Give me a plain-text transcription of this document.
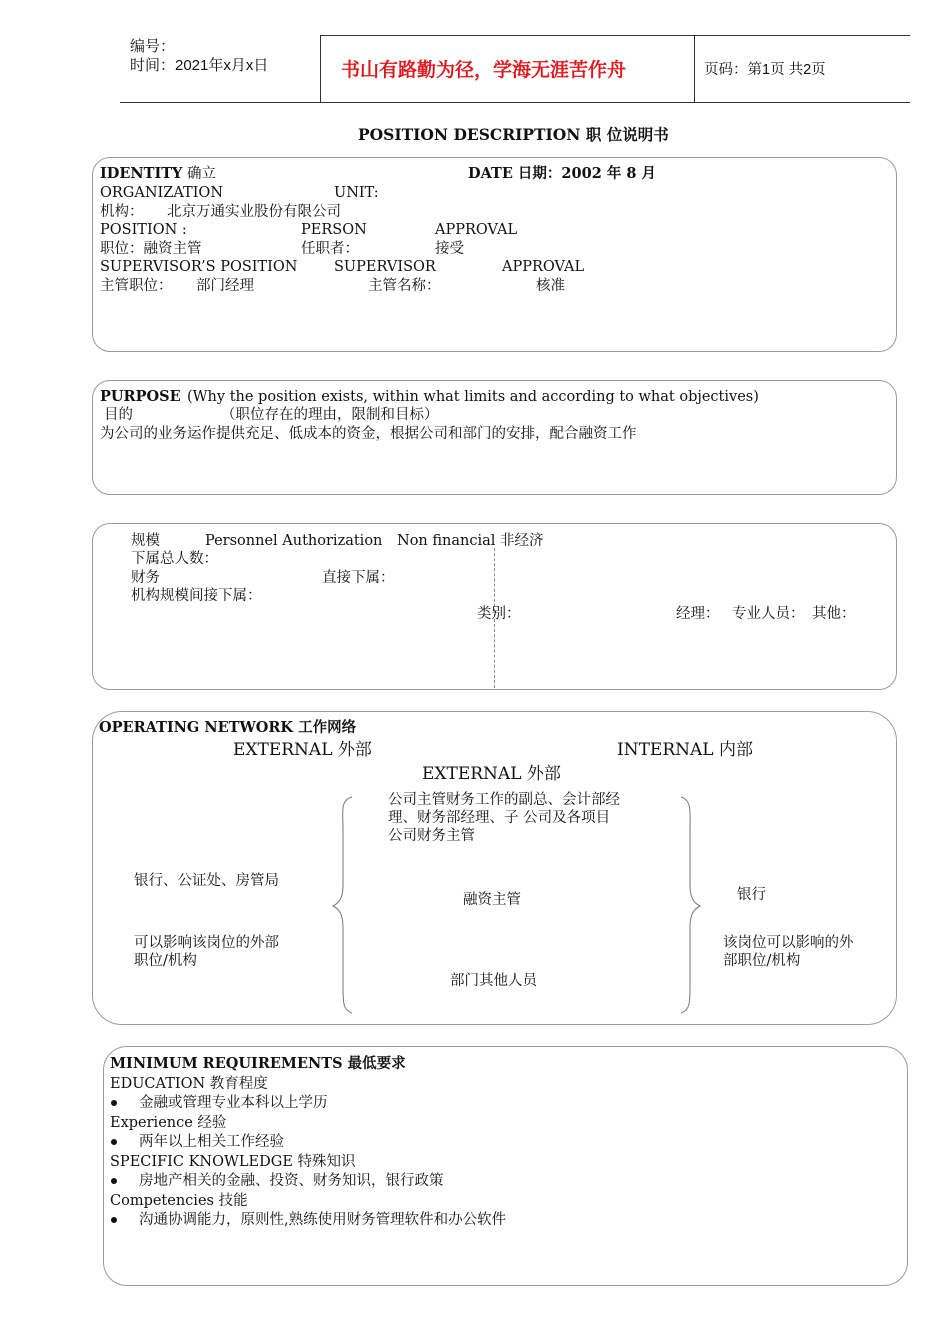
编号：
时间：2021年x月x日	书山有路勤为径，学海无涯苦作舟	页码：第1页 共2页
POSITION DESCRIPTION 职 位说明书
IDENTITY 确立	DATE 日期：2002 年 8 月
ORGANIZATION	UNIT:
机构： 北京万通实业股份有限公司
POSITION :	PERSON	APPROVAL
职位：融资主管	任职者：	接受
SUPERVISOR’S POSITION	SUPERVISOR	APPROVAL
主管职位： 部门经理	主管名称：	核准
PURPOSE (Why the position exists, within what limits and according to what objectives)
目的	（职位存在的理由，限制和目标）
为公司的业务运作提供充足、低成本的资金，根据公司和部门的安排，配合融资工作
规模	Personnel Authorization Non financial 非经济
下属总人数：
财务	直接下属：
机构规模间接下属：
类别：	经理： 专业人员： 其他：
OPERATING NETWORK 工作网络
EXTERNAL 外部	INTERNAL 内部
EXTERNAL 外部
公司主管财务工作的副总、会计部经
理、财务部经理、子 公司及各项目
公司财务主管
银行、公证处、房管局
融资主管	银行
可以影响该岗位的外部
职位/机构
该岗位可以影响的外
部职位/机构
部门其他人员
MINIMUM REQUIREMENTS 最低要求
EDUCATION 教育程度
金融或管理专业本科以上学历
Experience 经验
两年以上相关工作经验
SPECIFIC KNOWLEDGE 特殊知识
房地产相关的金融、投资、财务知识，银行政策
Competencies 技能
沟通协调能力，原则性,熟练使用财务管理软件和办公软件
